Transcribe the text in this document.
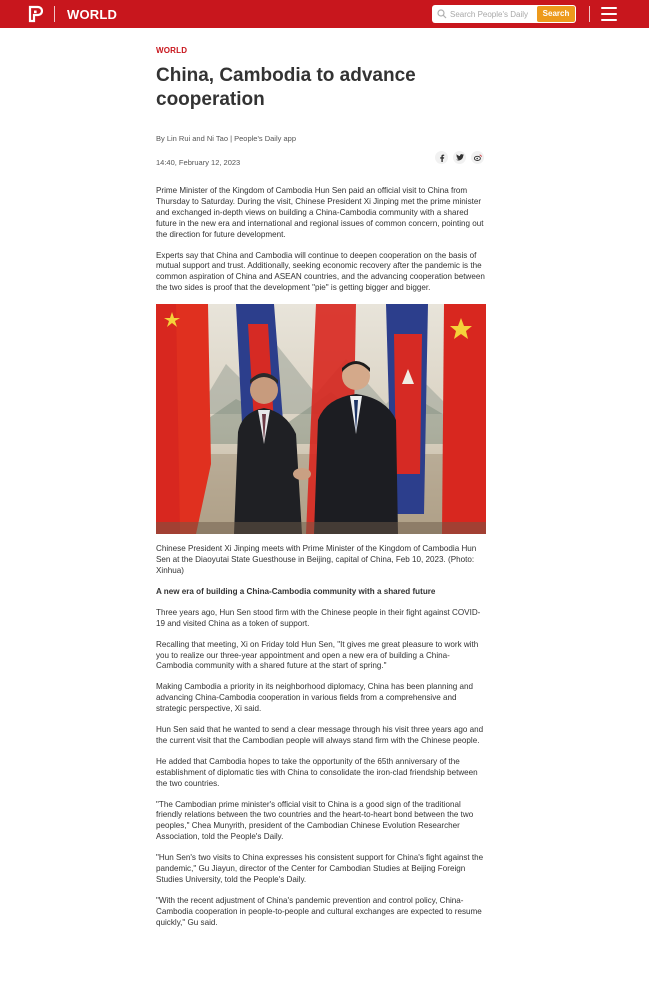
WORLD
Search People's Daily	Search
WORLD
China, Cambodia to advance cooperation
By Lin Rui and Ni Tao | People's Daily app
14:40, February 12, 2023

Prime Minister of the Kingdom of Cambodia Hun Sen paid an official visit to China from Thursday to Saturday. During the visit, Chinese President Xi Jinping met the prime minister and exchanged in-depth views on building a China-Cambodia community with a shared future in the new era and international and regional issues of common concern, pointing out the direction for future development.

Experts say that China and Cambodia will continue to deepen cooperation on the basis of mutual support and trust. Additionally, seeking economic recovery after the pandemic is the common aspiration of China and ASEAN countries, and the advancing cooperation between the two sides is proof that the development "pie" is getting bigger and bigger.

Chinese President Xi Jinping meets with Prime Minister of the Kingdom of Cambodia Hun Sen at the Diaoyutai State Guesthouse in Beijing, capital of China, Feb 10, 2023. (Photo: Xinhua)

A new era of building a China-Cambodia community with a shared future

Three years ago, Hun Sen stood firm with the Chinese people in their fight against COVID-19 and visited China as a token of support.

Recalling that meeting, Xi on Friday told Hun Sen, "It gives me great pleasure to work with you to realize our three-year appointment and open a new era of building a China-Cambodia community with a shared future at the start of spring."

Making Cambodia a priority in its neighborhood diplomacy, China has been planning and advancing China-Cambodia cooperation in various fields from a comprehensive and strategic perspective, Xi said.

Hun Sen said that he wanted to send a clear message through his visit three years ago and the current visit that the Cambodian people will always stand firm with the Chinese people.

He added that Cambodia hopes to take the opportunity of the 65th anniversary of the establishment of diplomatic ties with China to consolidate the iron-clad friendship between the two countries.

"The Cambodian prime minister's official visit to China is a good sign of the traditional friendly relations between the two countries and the heart-to-heart bond between the two peoples," Chea Munyrith, president of the Cambodian Chinese Evolution Researcher Association, told the People's Daily.

"Hun Sen's two visits to China expresses his consistent support for China's fight against the pandemic," Gu Jiayun, director of the Center for Cambodian Studies at Beijing Foreign Studies University, told the People's Daily.

"With the recent adjustment of China's pandemic prevention and control policy, China-Cambodia cooperation in people-to-people and cultural exchanges are expected to resume quickly," Gu said.
